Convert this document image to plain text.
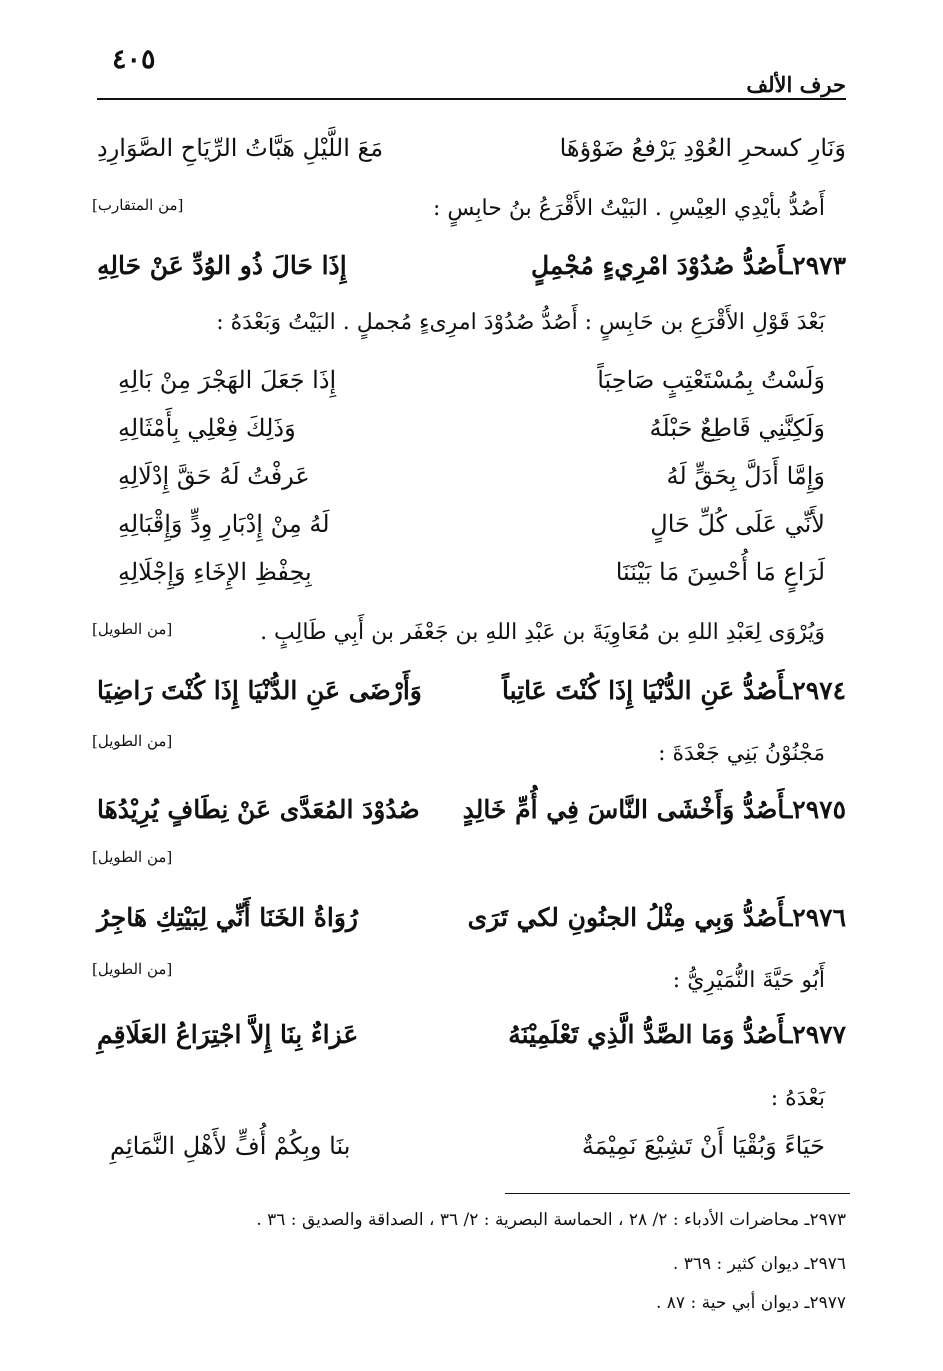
٤٠٥
حرف الألف
وَنَارِ كسحرِ العُوْدِ يَرْفعُ ضَوْؤهَا
مَعَ اللَّيْلِ هَبَّاتُ الرِّيَاحِ الصَّوَارِدِ
أَصُدُّ بأيْدِي العِيْسِ . البَيْتُ الأَقْرَعُ بنُ حابِسٍ :
[من المتقارب]
٢٩٧٣ـأَصُدُّ صُدُوْدَ امْرِيءٍ مُجْمِلٍ
إِذَا حَالَ ذُو الوُدِّ عَنْ حَالِهِ
بَعْدَ قَوْلِ الأَقْرَعِ بن حَابِسٍ : أَصُدُّ صُدُوْدَ امرِىءٍ مُجملٍ . البَيْتُ وَبَعْدَهُ :
وَلَسْتُ بِمُسْتَعْتِبٍ صَاحِبَاً
إِذَا جَعَلَ الهَجْرَ مِنْ بَالِهِ
وَلَكِنَّنِي قَاطِعٌ حَبْلَهُ
وَذَلِكَ فِعْلِي بِأَمْثَالِهِ
وَإِمَّا أَدَلَّ بِحَقٍّ لَهُ
عَرفْتُ لَهُ حَقَّ إِدْلَالِهِ
لأَنِّي عَلَى كُلِّ حَالٍ
لَهُ مِنْ إِدْبَارِ وِدٍّ وَإِقْبَالِهِ
لَرَاعٍ مَا أُحْسِنَ مَا بَيْنَنَا
بِحِفْظِ الإِخَاءِ وَإِجْلَالِهِ
وَيُرْوَى لِعَبْدِ اللهِ بن مُعَاوِيَةَ بن عَبْدِ اللهِ بن جَعْفَر بن أَبِي طَالِبٍ .
[من الطويل]
٢٩٧٤ـأَصُدُّ عَنِ الدُّنْيَا إِذَا كُنْتَ عَاتِباً
وَأَرْضَى عَنِ الدُّنْيَا إِذَا كُنْتَ رَاضِيَا
[من الطويل]	مَجْنُوْنُ بَنِي جَعْدَةَ :
٢٩٧٥ـأَصُدُّ وَأَخْشَى النَّاسَ فِي أُمِّ خَالِدٍ
صُدُوْدَ المُعَدَّى عَنْ نِطَافٍ يُرِيْدُهَا
[من الطويل]
٢٩٧٦ـأَصُدُّ وَبِي مِثْلُ الجنُونِ لكي تَرَى
رُوَاةُ الخَنَا أَنِّي لِبَيْتِكِ هَاجِرُ
[من الطويل]	أَبُو حَيَّةَ النُّمَيْرِيُّ :
٢٩٧٧ـأَصُدُّ وَمَا الصَّدُّ الَّذِي تَعْلَمِيْنَهُ
عَزاءٌ بِنَا إِلاَّ اجْتِرَاعُ العَلَاقِمِ
بَعْدَهُ :
حَيَاءً وَبُقْيَا أَنْ تَشِيْعَ نَمِيْمَةٌ
بنَا وبِكُمْ أُفٍّ لأَهْلِ النَّمَائِمِ
٢٩٧٣ـ محاضرات الأدباء : ٢/ ٢٨ ، الحماسة البصرية : ٢/ ٣٦ ، الصداقة والصديق : ٣٦ .
٢٩٧٦ـ ديوان كثير : ٣٦٩ .
٢٩٧٧ـ ديوان أبي حية : ٨٧ .
